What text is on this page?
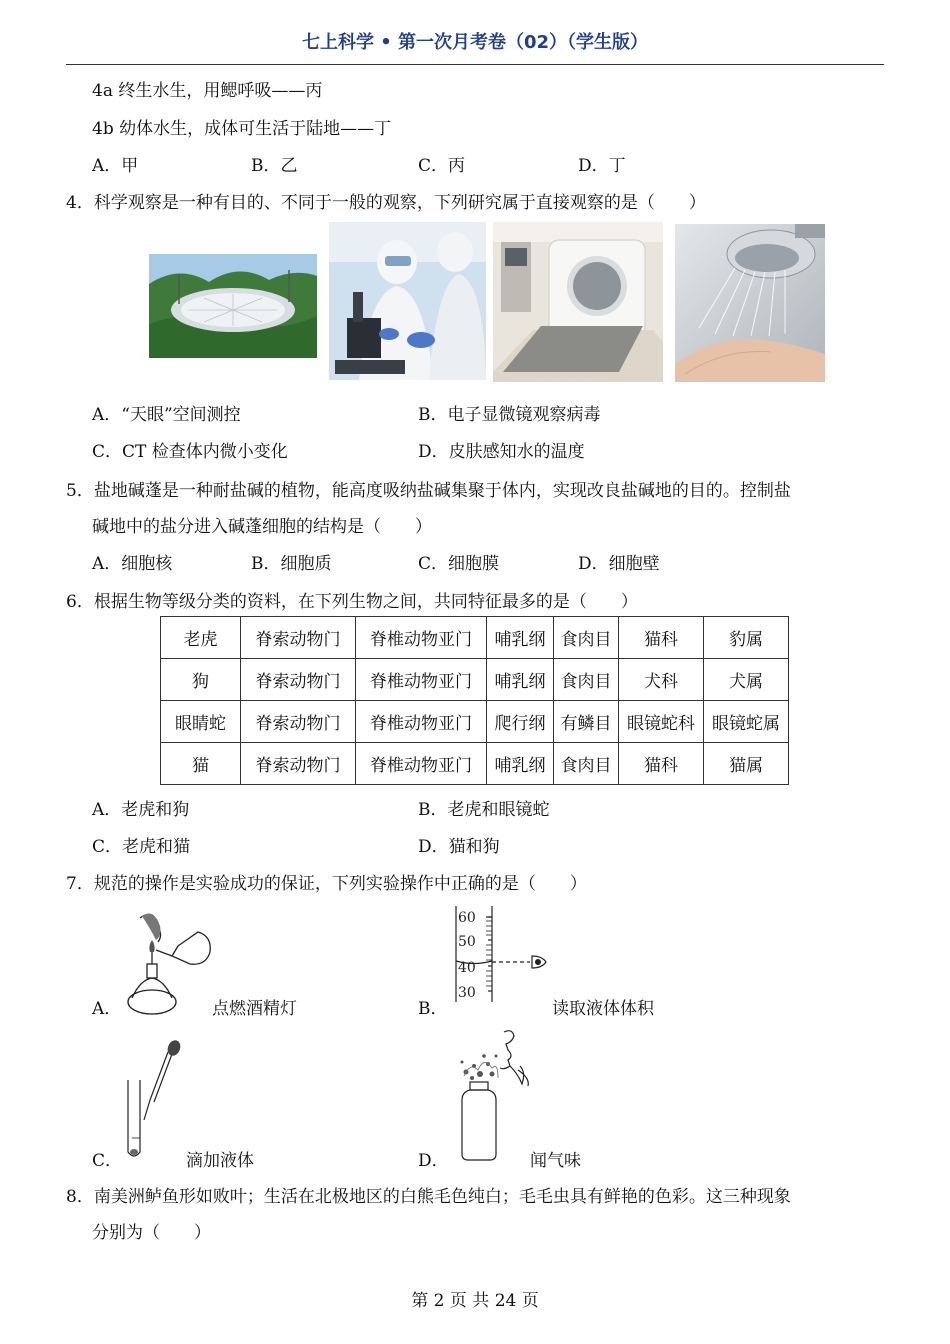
七上科学 • 第一次月考卷（02）（学生版）
4a 终生水生，用鳃呼吸——丙
4b 幼体水生，成体可生活于陆地——丁
A．甲	B．乙	C．丙	D．丁
4．科学观察是一种有目的、不同于一般的观察，下列研究属于直接观察的是（　　）
A．“天眼”空间测控	B．电子显微镜观察病毒
C．CT 检查体内微小变化	D．皮肤感知水的温度
5．盐地碱蓬是一种耐盐碱的植物，能高度吸纳盐碱集聚于体内，实现改良盐碱地的目的。控制盐
碱地中的盐分进入碱蓬细胞的结构是（　　）
A．细胞核	B．细胞质	C．细胞膜	D．细胞壁
6．根据生物等级分类的资料，在下列生物之间，共同特征最多的是（　　）
老虎	脊索动物门	脊椎动物亚门	哺乳纲	食肉目	猫科	豹属
狗	脊索动物门	脊椎动物亚门	哺乳纲	食肉目	犬科	犬属
眼睛蛇	脊索动物门	脊椎动物亚门	爬行纲	有鳞目	眼镜蛇科	眼镜蛇属
猫	脊索动物门	脊椎动物亚门	哺乳纲	食肉目	猫科	猫属
A．老虎和狗	B．老虎和眼镜蛇
C．老虎和猫	D．猫和狗
7．规范的操作是实验成功的保证，下列实验操作中正确的是（　　）
A．	点燃酒精灯	B．
60
50
40
30
读取液体体积
C．	滴加液体	D．	闻气味
8．南美洲鲈鱼形如败叶；生活在北极地区的白熊毛色纯白；毛毛虫具有鲜艳的色彩。这三种现象
分别为（　　）
第 2 页 共 24 页
